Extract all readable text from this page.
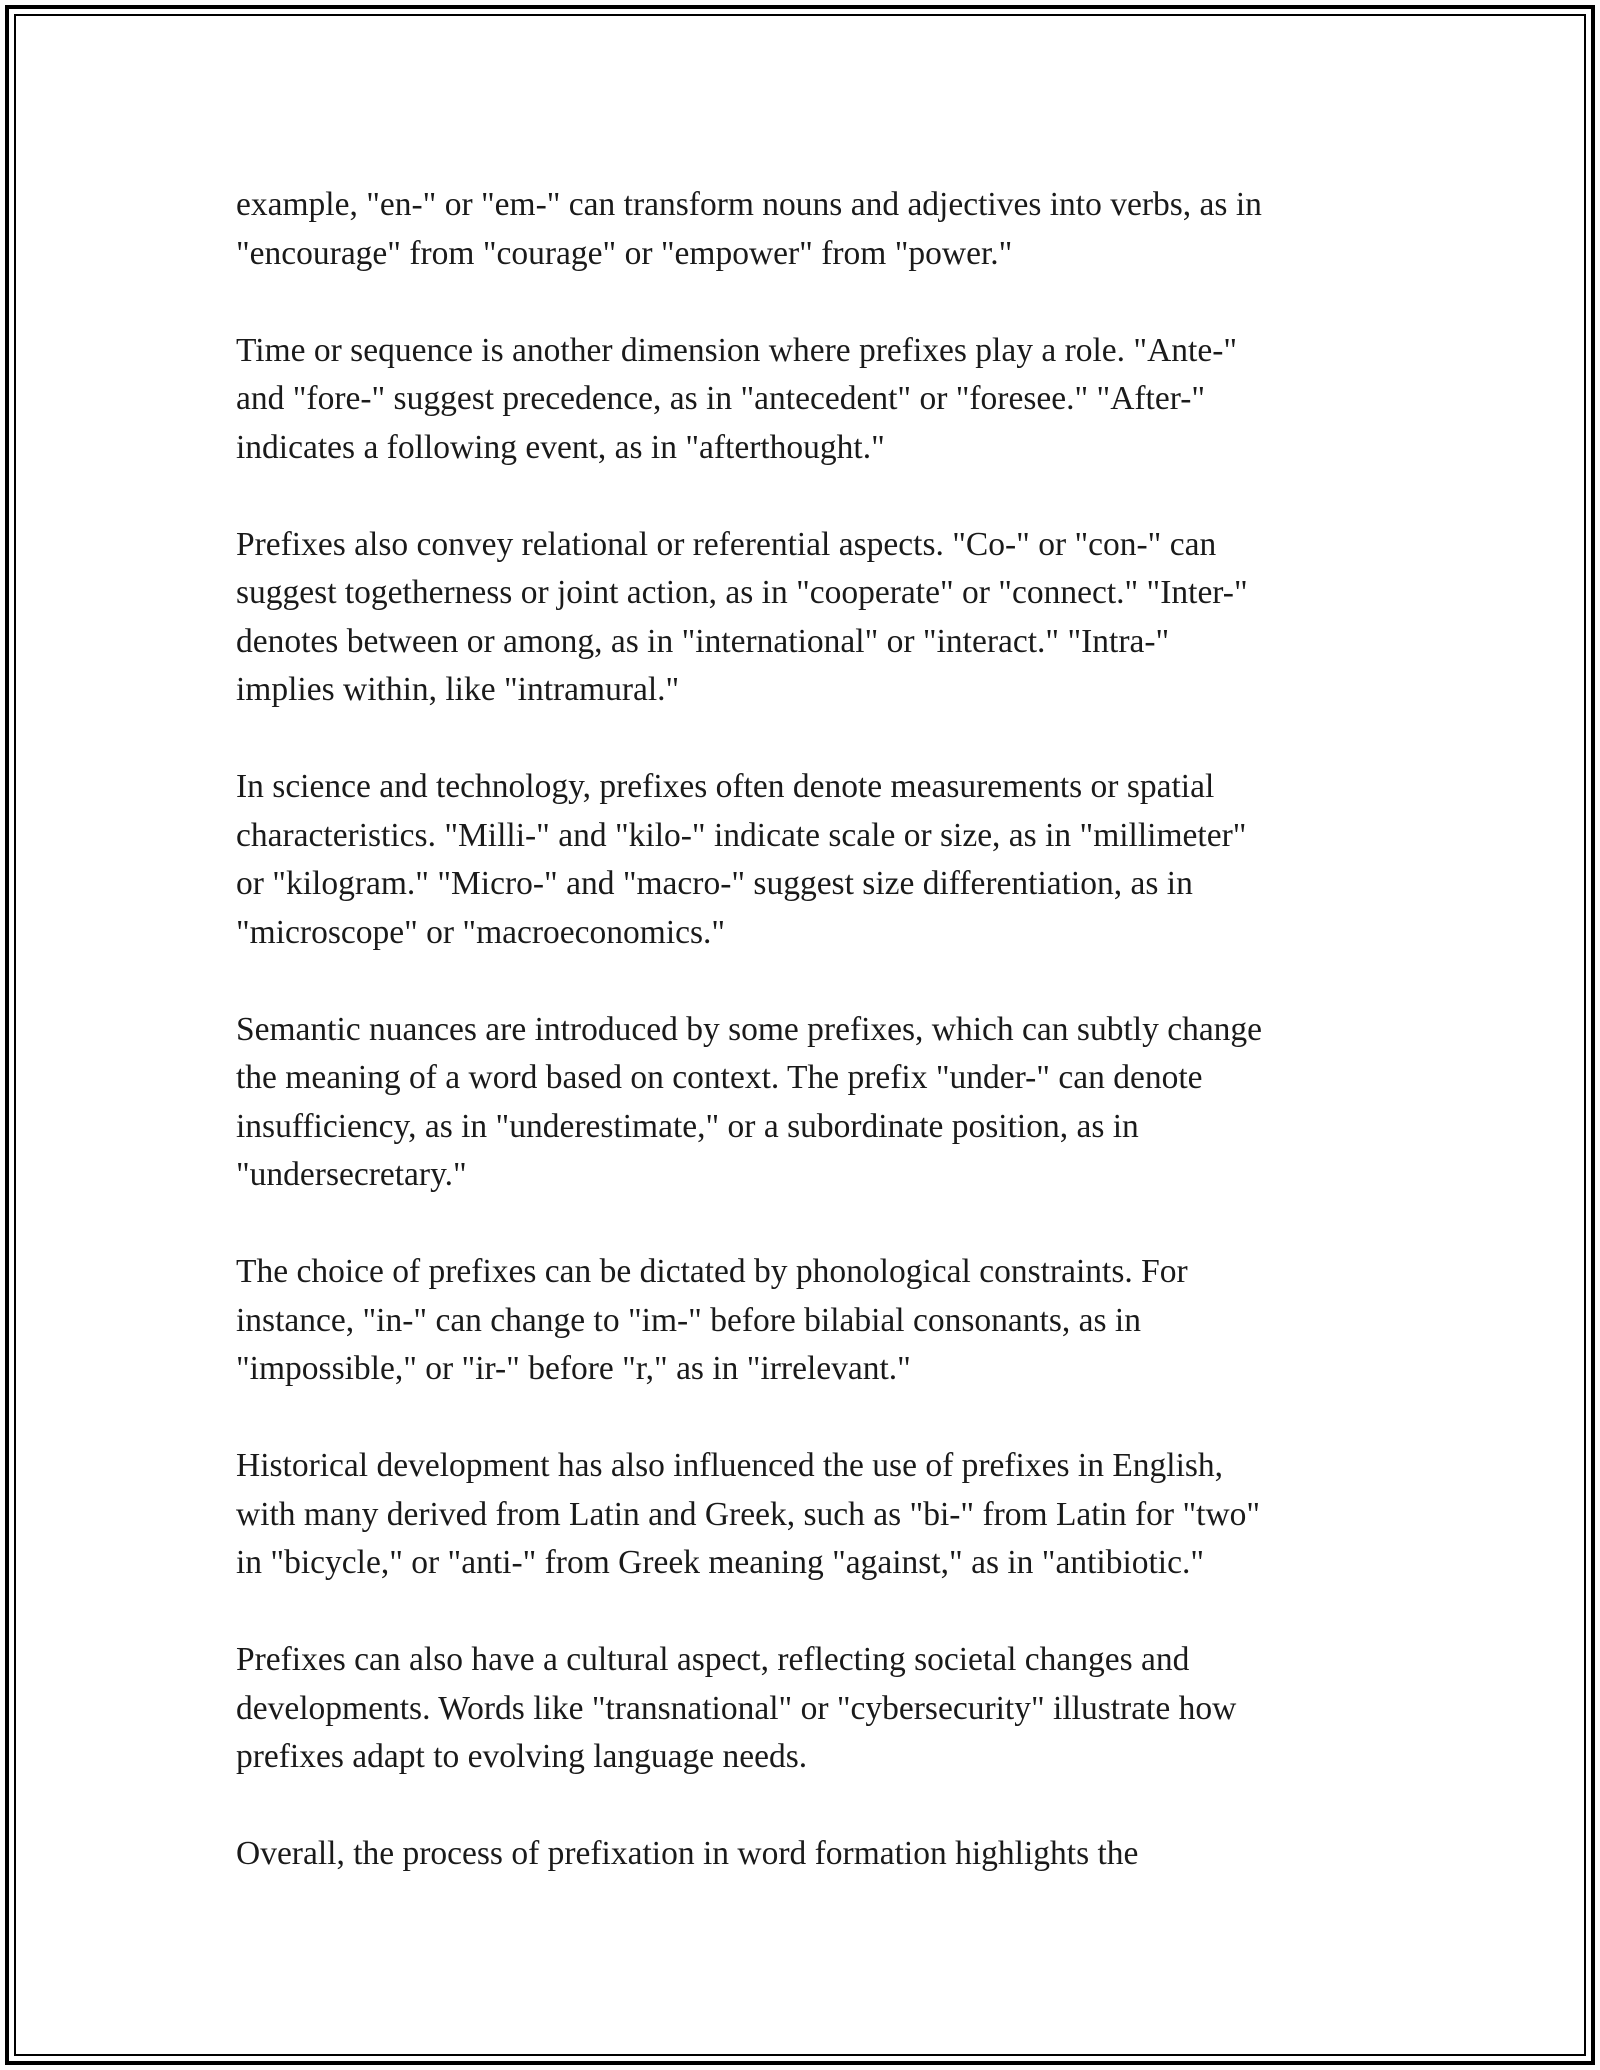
example, "en-" or "em-" can transform nouns and adjectives into verbs, as in
"encourage" from "courage" or "empower" from "power."

Time or sequence is another dimension where prefixes play a role. "Ante-"
and "fore-" suggest precedence, as in "antecedent" or "foresee." "After-"
indicates a following event, as in "afterthought."

Prefixes also convey relational or referential aspects. "Co-" or "con-" can
suggest togetherness or joint action, as in "cooperate" or "connect." "Inter-"
denotes between or among, as in "international" or "interact." "Intra-"
implies within, like "intramural."

In science and technology, prefixes often denote measurements or spatial
characteristics. "Milli-" and "kilo-" indicate scale or size, as in "millimeter"
or "kilogram." "Micro-" and "macro-" suggest size differentiation, as in
"microscope" or "macroeconomics."

Semantic nuances are introduced by some prefixes, which can subtly change
the meaning of a word based on context. The prefix "under-" can denote
insufficiency, as in "underestimate," or a subordinate position, as in
"undersecretary."

The choice of prefixes can be dictated by phonological constraints. For
instance, "in-" can change to "im-" before bilabial consonants, as in
"impossible," or "ir-" before "r," as in "irrelevant."

Historical development has also influenced the use of prefixes in English,
with many derived from Latin and Greek, such as "bi-" from Latin for "two"
in "bicycle," or "anti-" from Greek meaning "against," as in "antibiotic."

Prefixes can also have a cultural aspect, reflecting societal changes and
developments. Words like "transnational" or "cybersecurity" illustrate how
prefixes adapt to evolving language needs.

Overall, the process of prefixation in word formation highlights the
